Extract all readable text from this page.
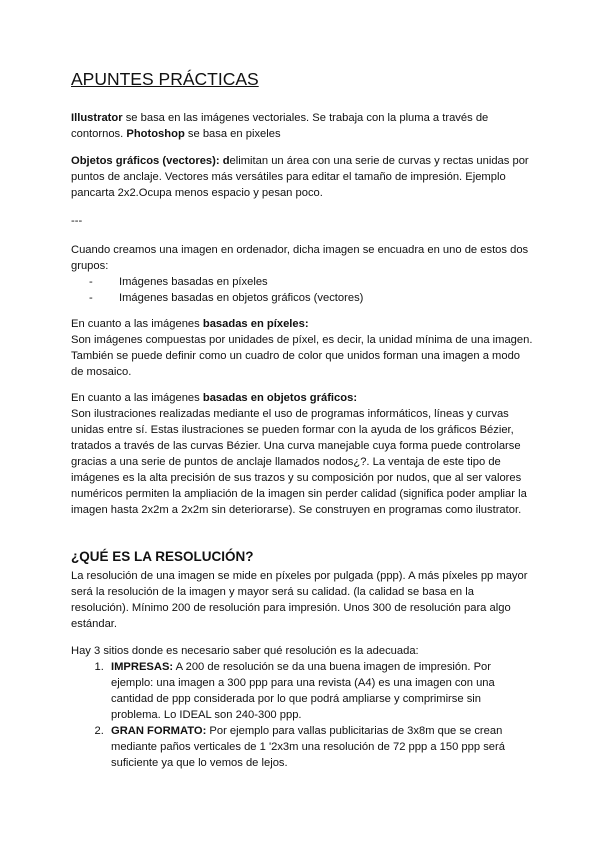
APUNTES PRÁCTICAS

Illustrator se basa en las imágenes vectoriales. Se trabaja con la pluma a través de contornos. Photoshop se basa en pixeles

Objetos gráficos (vectores): delimitan un área con una serie de curvas y rectas unidas por puntos de anclaje. Vectores más versátiles para editar el tamaño de impresión. Ejemplo pancarta 2x2.Ocupa menos espacio y pesan poco.

---

Cuando creamos una imagen en ordenador, dicha imagen se encuadra en uno de estos dos grupos:

- Imágenes basadas en píxeles
- Imágenes basadas en objetos gráficos (vectores)

En cuanto a las imágenes basadas en píxeles:

Son imágenes compuestas por unidades de píxel, es decir, la unidad mínima de una imagen. También se puede definir como un cuadro de color que unidos forman una imagen a modo de mosaico.

En cuanto a las imágenes basadas en objetos gráficos:

Son ilustraciones realizadas mediante el uso de programas informáticos, líneas y curvas unidas entre sí. Estas ilustraciones se pueden formar con la ayuda de los gráficos Bézier, tratados a través de las curvas Bézier. Una curva manejable cuya forma puede controlarse gracias a una serie de puntos de anclaje llamados nodos¿?. La ventaja de este tipo de imágenes es la alta precisión de sus trazos y su composición por nudos, que al ser valores numéricos permiten la ampliación de la imagen sin perder calidad (significa poder ampliar la imagen hasta 2x2m a 2x2m sin deteriorarse). Se construyen en programas como ilustrator.

¿QUÉ ES LA RESOLUCIÓN?
La resolución de una imagen se mide en píxeles por pulgada (ppp). A más píxeles pp mayor será la resolución de la imagen y mayor será su calidad. (la calidad se basa en la resolución). Mínimo 200 de resolución para impresión. Unos 300 de resolución para algo estándar.

Hay 3 sitios donde es necesario saber qué resolución es la adecuada:

1. IMPRESAS: A 200 de resolución se da una buena imagen de impresión. Por ejemplo: una imagen a 300 ppp para una revista (A4) es una imagen con una cantidad de ppp considerada por lo que podrá ampliarse y comprimirse sin problema. Lo IDEAL son 240-300 ppp.
2. GRAN FORMATO: Por ejemplo para vallas publicitarias de 3x8m que se crean mediante paños verticales de 1 '2x3m una resolución de 72 ppp a 150 ppp será suficiente ya que lo vemos de lejos.
